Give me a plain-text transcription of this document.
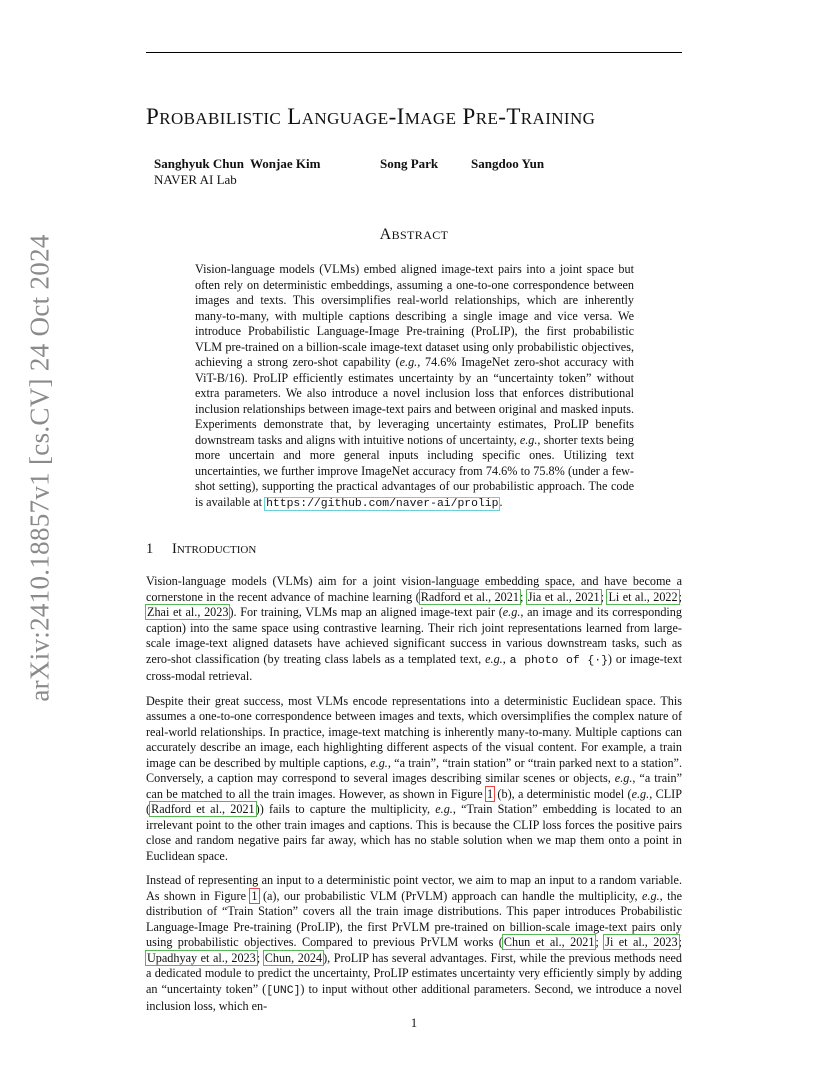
PROBABILISTIC LANGUAGE-IMAGE PRE-TRAINING
Sanghyuk Chun Wonjae Kim	Song Park	Sangdoo Yun
NAVER AI Lab
ABSTRACT
Vision-language models (VLMs) embed aligned image-text pairs into a joint space but often rely on deterministic embeddings, assuming a one-to-one correspondence between images and texts. This oversimplifies real-world relationships, which are inherently many-to-many, with multiple captions describing a single image and vice versa. We introduce Probabilistic Language-Image Pre-training (ProLIP), the first probabilistic VLM pre-trained on a billion-scale image-text dataset using only probabilistic objectives, achieving a strong zero-shot capability (e.g., 74.6% ImageNet zero-shot accuracy with ViT-B/16). ProLIP efficiently estimates uncertainty by an “uncertainty token” without extra parameters. We also introduce a novel inclusion loss that enforces distributional inclusion relationships between image-text pairs and between original and masked inputs. Experiments demonstrate that, by leveraging uncertainty estimates, ProLIP benefits downstream tasks and aligns with intuitive notions of uncertainty, e.g., shorter texts being more uncertain and more general inputs including specific ones. Utilizing text uncertainties, we further improve ImageNet accuracy from 74.6% to 75.8% (under a few-shot setting), supporting the practical advantages of our probabilistic approach. The code is available at https://github.com/naver-ai/prolip.
1 INTRODUCTION

Vision-language models (VLMs) aim for a joint vision-language embedding space, and have become a cornerstone in the recent advance of machine learning (Radford et al., 2021; Jia et al., 2021; Li et al., 2022; Zhai et al., 2023). For training, VLMs map an aligned image-text pair (e.g., an image and its corresponding caption) into the same space using contrastive learning. Their rich joint representations learned from large-scale image-text aligned datasets have achieved significant success in various downstream tasks, such as zero-shot classification (by treating class labels as a templated text, e.g., a photo of {·}) or image-text cross-modal retrieval.

Despite their great success, most VLMs encode representations into a deterministic Euclidean space. This assumes a one-to-one correspondence between images and texts, which oversimplifies the complex nature of real-world relationships. In practice, image-text matching is inherently many-to-many. Multiple captions can accurately describe an image, each highlighting different aspects of the visual content. For example, a train image can be described by multiple captions, e.g., “a train”, “train station” or “train parked next to a station”. Conversely, a caption may correspond to several images describing similar scenes or objects, e.g., “a train” can be matched to all the train images. However, as shown in Figure 1 (b), a deterministic model (e.g., CLIP (Radford et al., 2021)) fails to capture the multiplicity, e.g., “Train Station” embedding is located to an irrelevant point to the other train images and captions. This is because the CLIP loss forces the positive pairs close and random negative pairs far away, which has no stable solution when we map them onto a point in Euclidean space.

Instead of representing an input to a deterministic point vector, we aim to map an input to a random variable. As shown in Figure 1 (a), our probabilistic VLM (PrVLM) approach can handle the multiplicity, e.g., the distribution of “Train Station” covers all the train image distributions. This paper introduces Probabilistic Language-Image Pre-training (ProLIP), the first PrVLM pre-trained on billion-scale image-text pairs only using probabilistic objectives. Compared to previous PrVLM works (Chun et al., 2021; Ji et al., 2023; Upadhyay et al., 2023; Chun, 2024), ProLIP has several advantages. First, while the previous methods need a dedicated module to predict the uncertainty, ProLIP estimates uncertainty very efficiently simply by adding an “uncertainty token” ([UNC]) to input without other additional parameters. Second, we introduce a novel inclusion loss, which en-

1
arXiv:2410.18857v1 [cs.CV] 24 Oct 2024
